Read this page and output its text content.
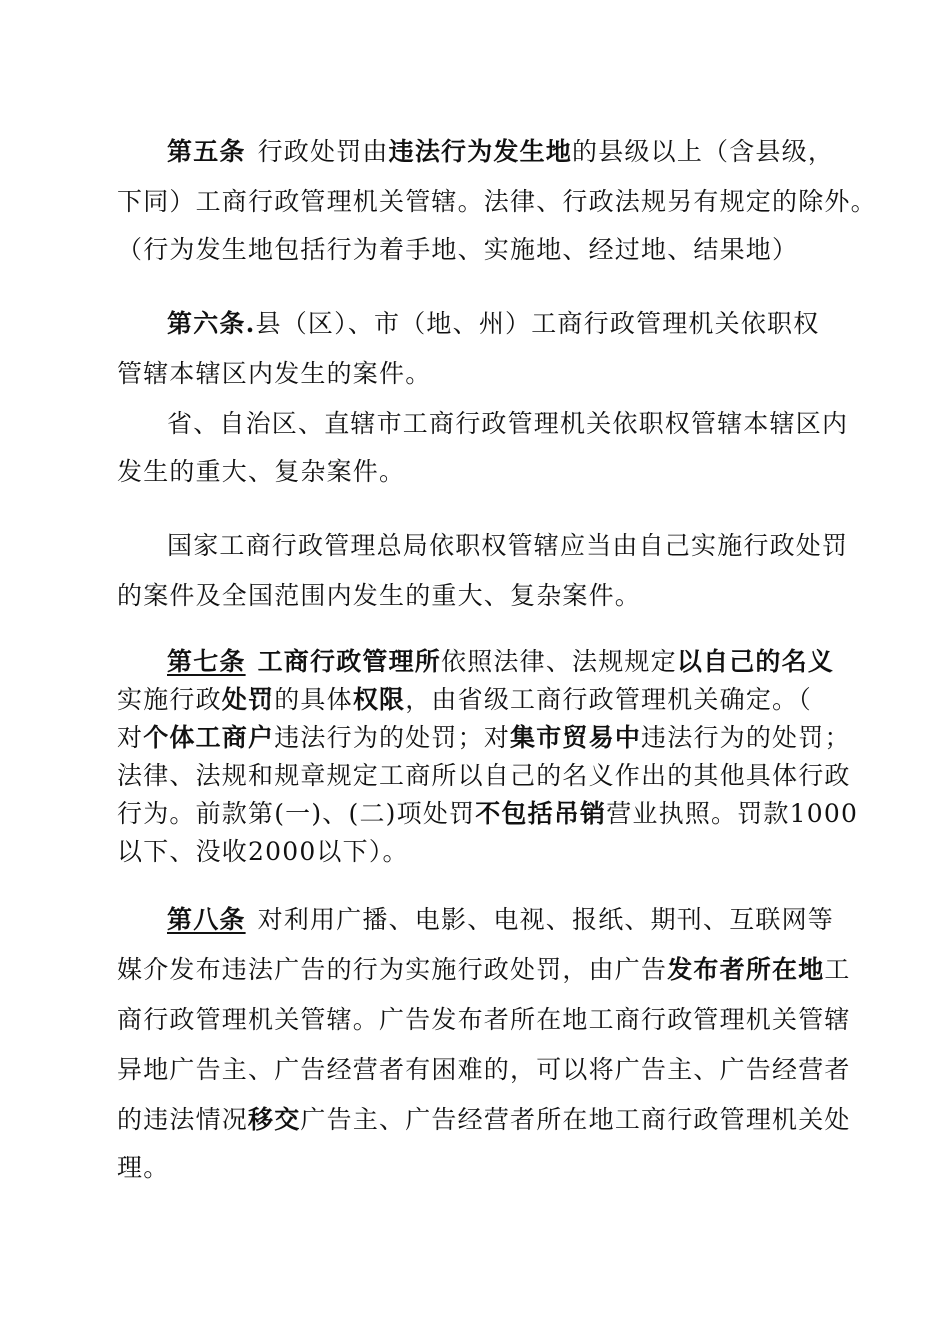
第五条 行政处罚由违法行为发生地的县级以上（含县级，
下同）工商行政管理机关管辖。法律、行政法规另有规定的除外。
（行为发生地包括行为着手地、实施地、经过地、结果地）
第六条.县（区）、市（地、州）工商行政管理机关依职权
管辖本辖区内发生的案件。
省、自治区、直辖市工商行政管理机关依职权管辖本辖区内
发生的重大、复杂案件。
国家工商行政管理总局依职权管辖应当由自己实施行政处罚
的案件及全国范围内发生的重大、复杂案件。
第七条 工商行政管理所依照法律、法规规定以自己的名义
实施行政处罚的具体权限，由省级工商行政管理机关确定。（
对个体工商户违法行为的处罚；对集市贸易中违法行为的处罚；
法律、法规和规章规定工商所以自己的名义作出的其他具体行政
行为。前款第(一)、(二)项处罚不包括吊销营业执照。罚款1000
以下、没收2000以下）。
第八条 对利用广播、电影、电视、报纸、期刊、互联网等
媒介发布违法广告的行为实施行政处罚，由广告发布者所在地工
商行政管理机关管辖。广告发布者所在地工商行政管理机关管辖
异地广告主、广告经营者有困难的，可以将广告主、广告经营者
的违法情况移交广告主、广告经营者所在地工商行政管理机关处
理。
